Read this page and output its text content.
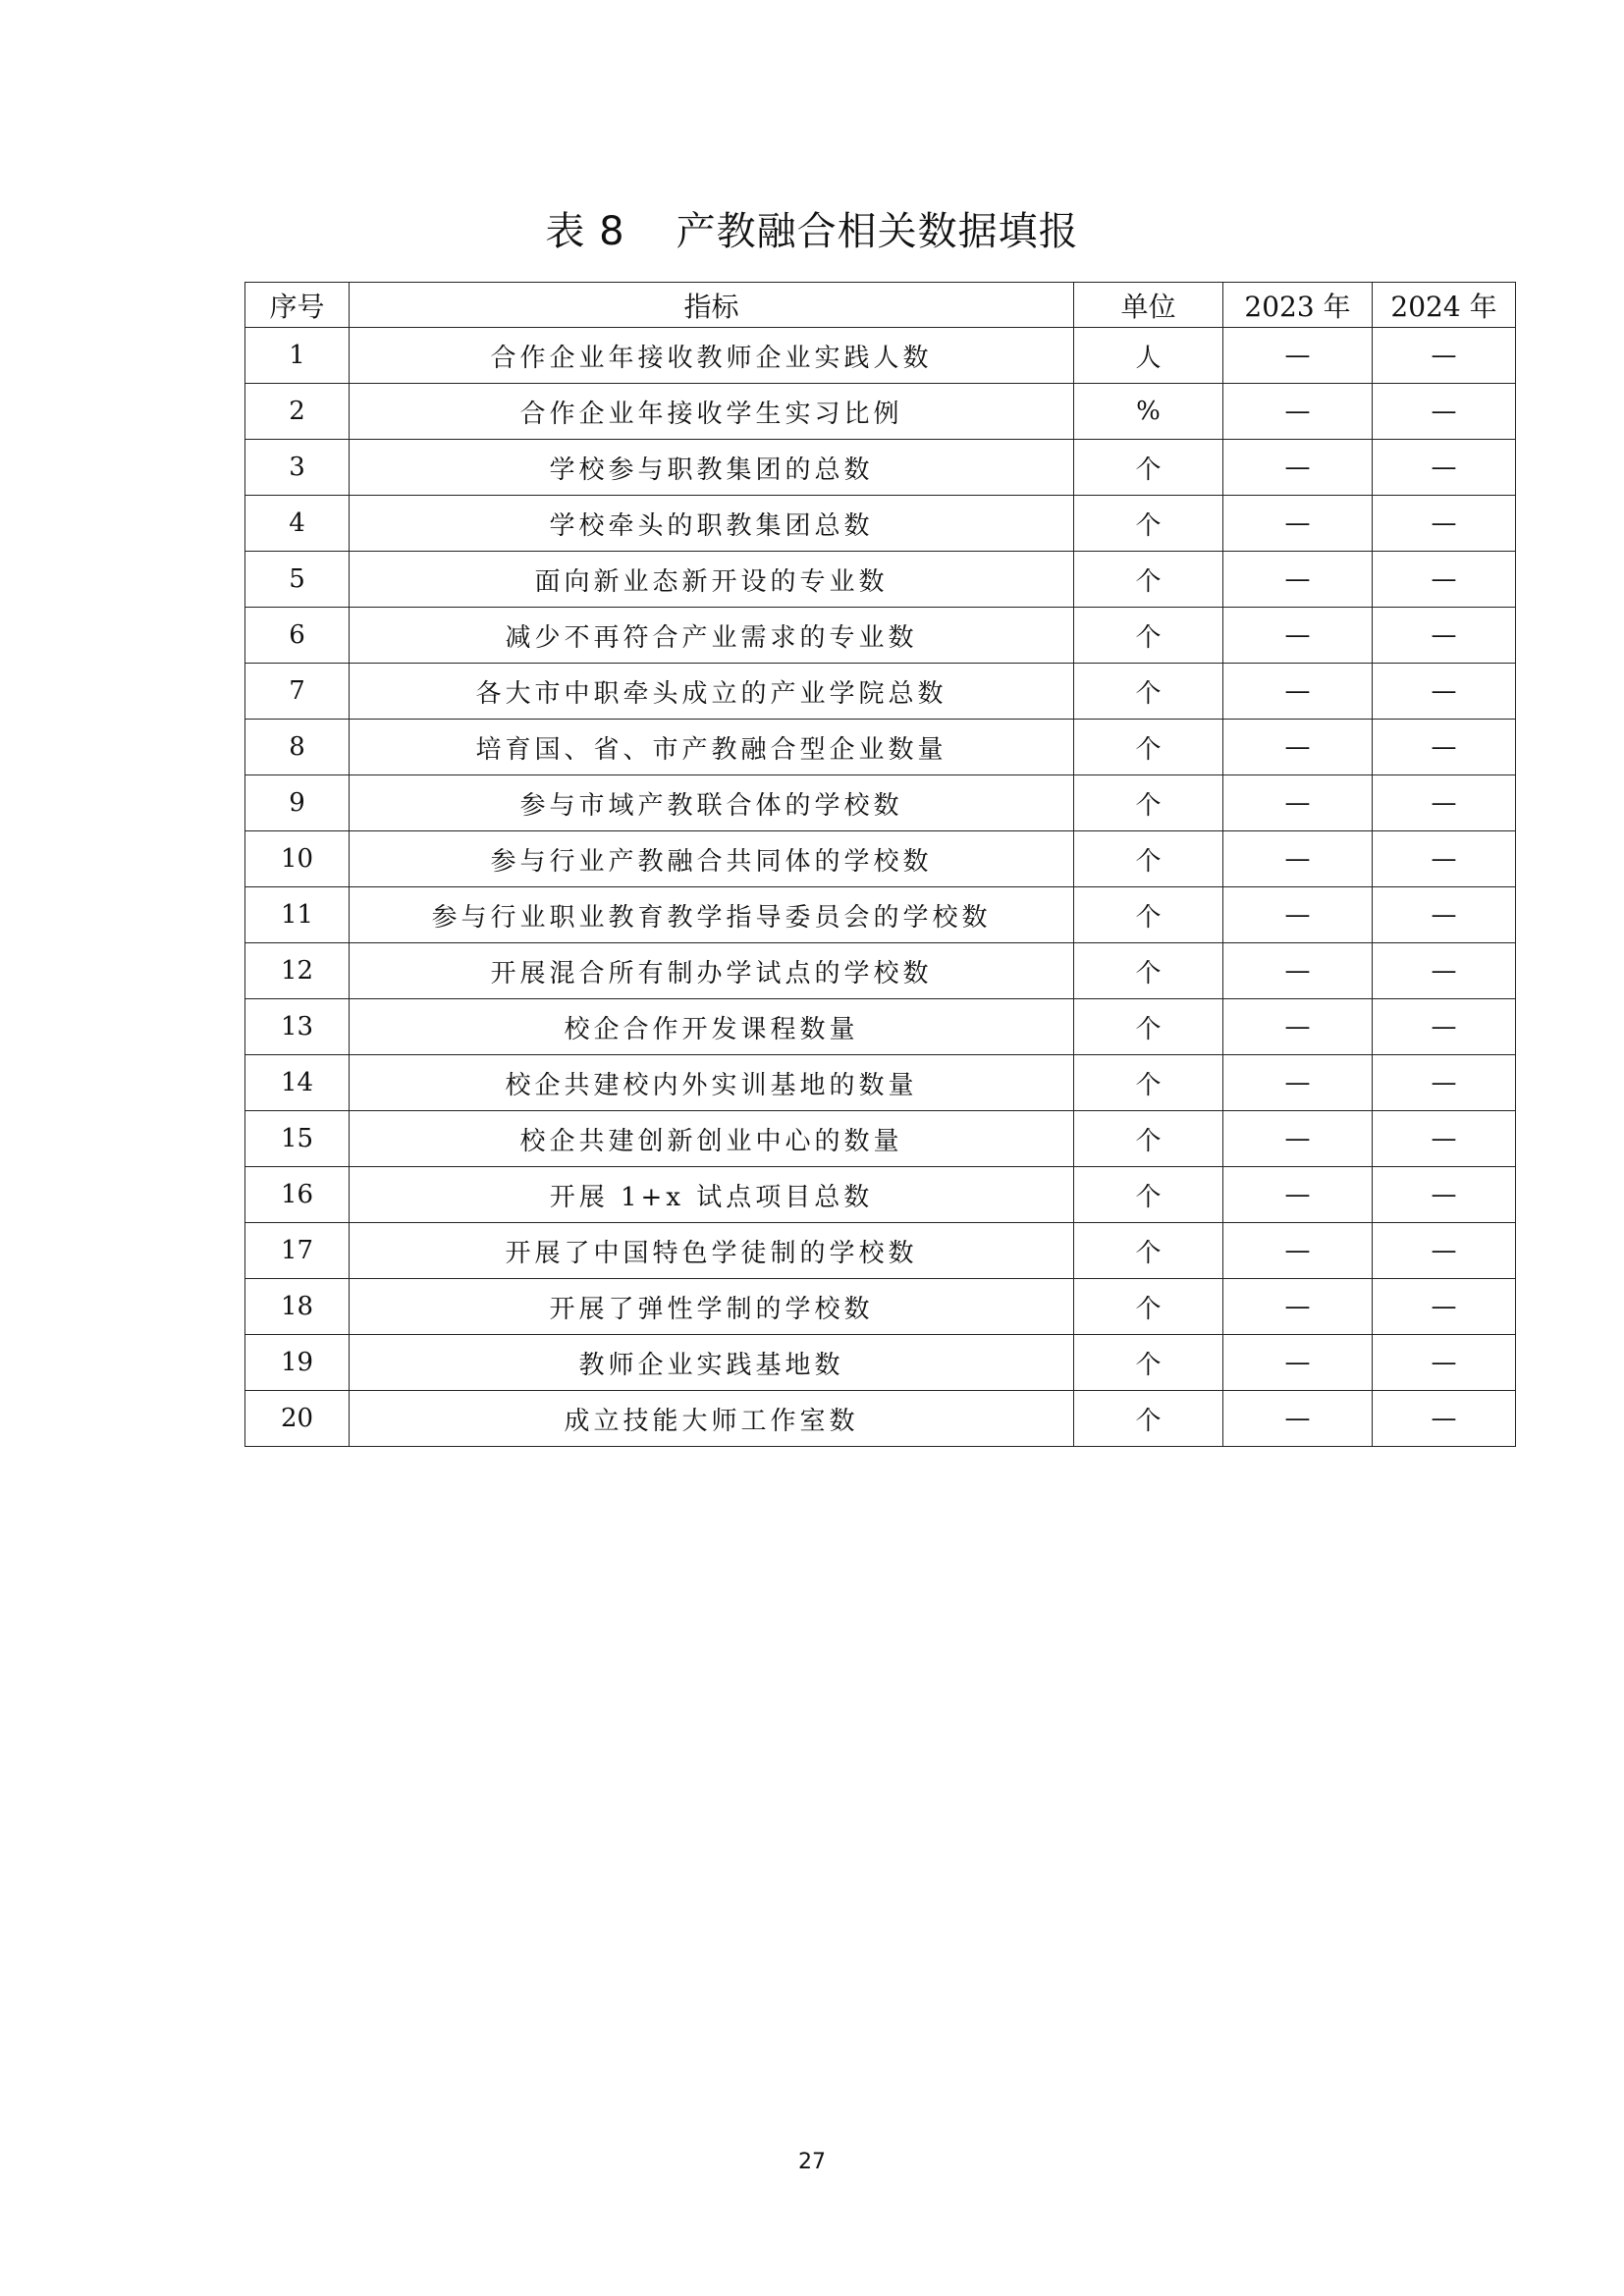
表 8 产教融合相关数据填报
序号	指标	单位	2023 年	2024 年
1	合作企业年接收教师企业实践人数	人	—	—
2	合作企业年接收学生实习比例	%	—	—
3	学校参与职教集团的总数	个	—	—
4	学校牵头的职教集团总数	个	—	—
5	面向新业态新开设的专业数	个	—	—
6	减少不再符合产业需求的专业数	个	—	—
7	各大市中职牵头成立的产业学院总数	个	—	—
8	培育国、省、市产教融合型企业数量	个	—	—
9	参与市域产教联合体的学校数	个	—	—
10	参与行业产教融合共同体的学校数	个	—	—
11	参与行业职业教育教学指导委员会的学校数	个	—	—
12	开展混合所有制办学试点的学校数	个	—	—
13	校企合作开发课程数量	个	—	—
14	校企共建校内外实训基地的数量	个	—	—
15	校企共建创新创业中心的数量	个	—	—
16	开展 1+x 试点项目总数	个	—	—
17	开展了中国特色学徒制的学校数	个	—	—
18	开展了弹性学制的学校数	个	—	—
19	教师企业实践基地数	个	—	—
20	成立技能大师工作室数	个	—	—
27
